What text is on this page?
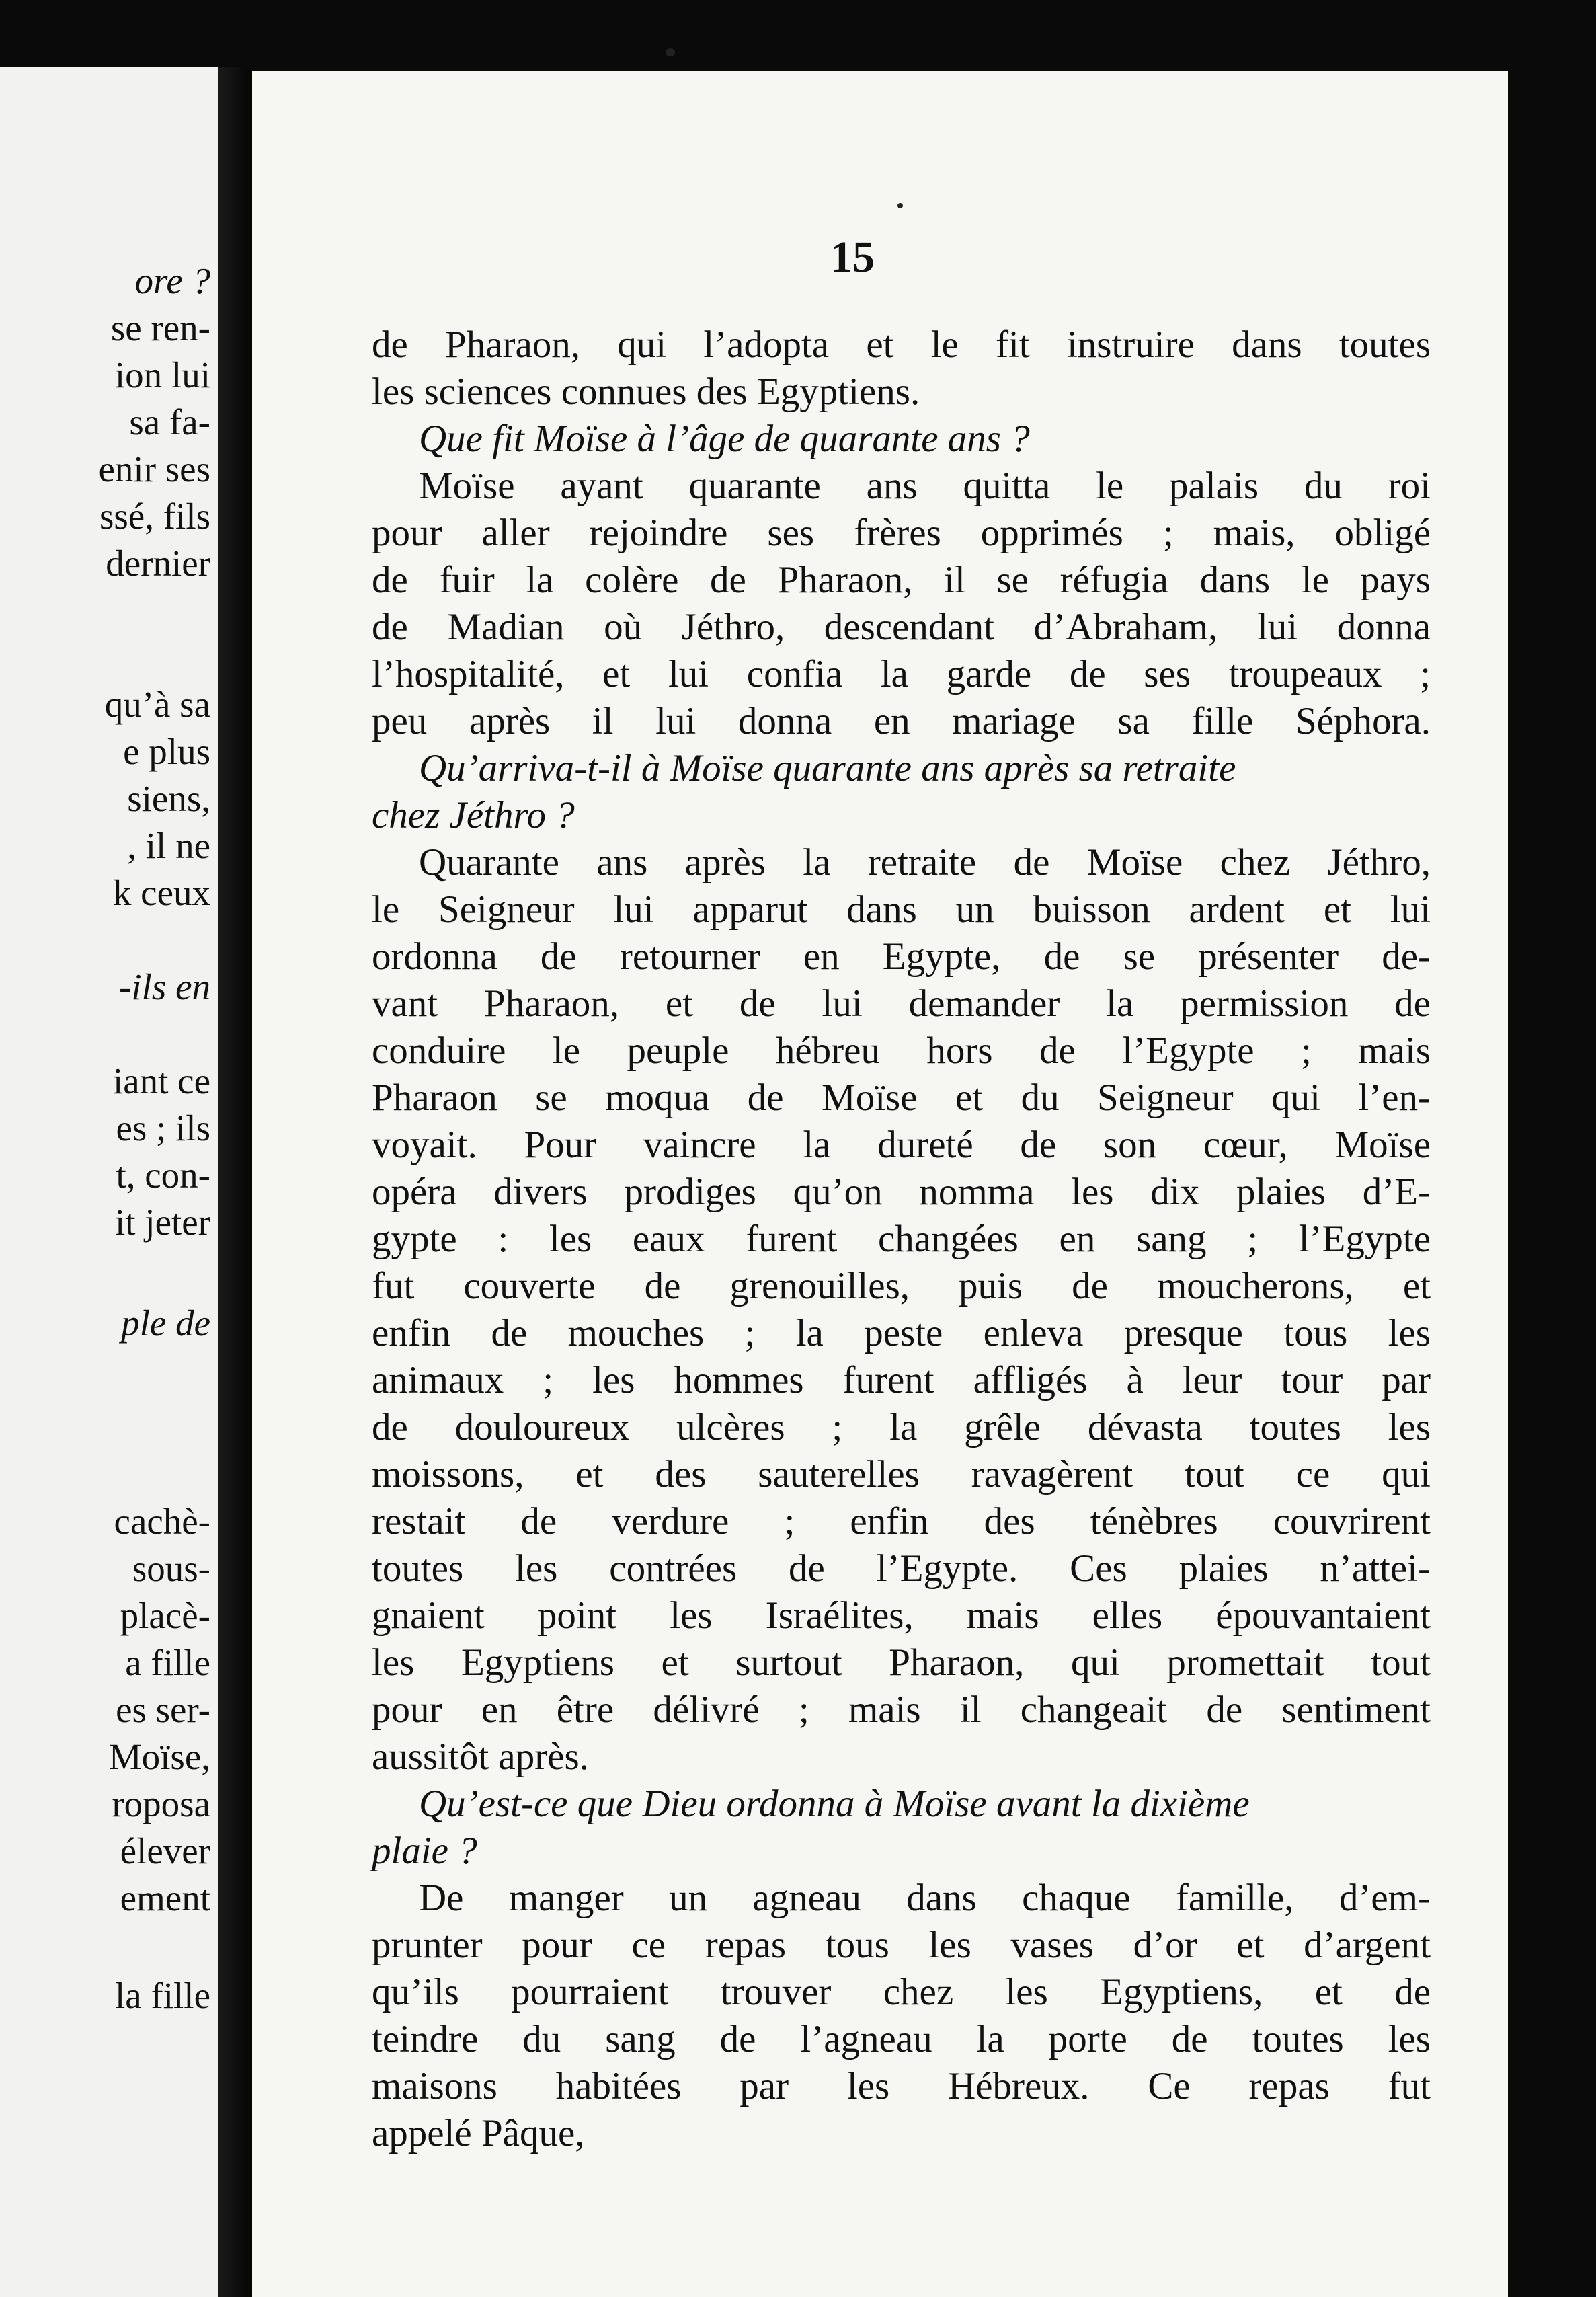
ore ?
se ren-
ion lui
sa fa-
enir ses
ssé, fils
dernier
qu’à sa
e plus
siens,
, il ne
k ceux
-ils en
iant ce
es ; ils
t, con-
it jeter
ple de
cachè-
sous-
placè-
a fille
es ser-
Moïse,
roposa
élever
ement
la fille
15
de Pharaon, qui l’adopta et le fit instruire dans toutes
les sciences connues des Egyptiens.
Que fit Moïse à l’âge de quarante ans ?
Moïse ayant quarante ans quitta le palais du roi
pour aller rejoindre ses frères opprimés ; mais, obligé
de fuir la colère de Pharaon, il se réfugia dans le pays
de Madian où Jéthro, descendant d’Abraham, lui donna
l’hospitalité, et lui confia la garde de ses troupeaux ;
peu après il lui donna en mariage sa fille Séphora.
Qu’arriva-t-il à Moïse quarante ans après sa retraite
chez Jéthro ?
Quarante ans après la retraite de Moïse chez Jéthro,
le Seigneur lui apparut dans un buisson ardent et lui
ordonna de retourner en Egypte, de se présenter de-
vant Pharaon, et de lui demander la permission de
conduire le peuple hébreu hors de l’Egypte ; mais
Pharaon se moqua de Moïse et du Seigneur qui l’en-
voyait. Pour vaincre la dureté de son cœur, Moïse
opéra divers prodiges qu’on nomma les dix plaies d’E-
gypte : les eaux furent changées en sang ; l’Egypte
fut couverte de grenouilles, puis de moucherons, et
enfin de mouches ; la peste enleva presque tous les
animaux ; les hommes furent affligés à leur tour par
de douloureux ulcères ; la grêle dévasta toutes les
moissons, et des sauterelles ravagèrent tout ce qui
restait de verdure ; enfin des ténèbres couvrirent
toutes les contrées de l’Egypte. Ces plaies n’attei-
gnaient point les Israélites, mais elles épouvantaient
les Egyptiens et surtout Pharaon, qui promettait tout
pour en être délivré ; mais il changeait de sentiment
aussitôt après.
Qu’est-ce que Dieu ordonna à Moïse avant la dixième
plaie ?
De manger un agneau dans chaque famille, d’em-
prunter pour ce repas tous les vases d’or et d’argent
qu’ils pourraient trouver chez les Egyptiens, et de
teindre du sang de l’agneau la porte de toutes les
maisons habitées par les Hébreux. Ce repas fut
appelé Pâque,
